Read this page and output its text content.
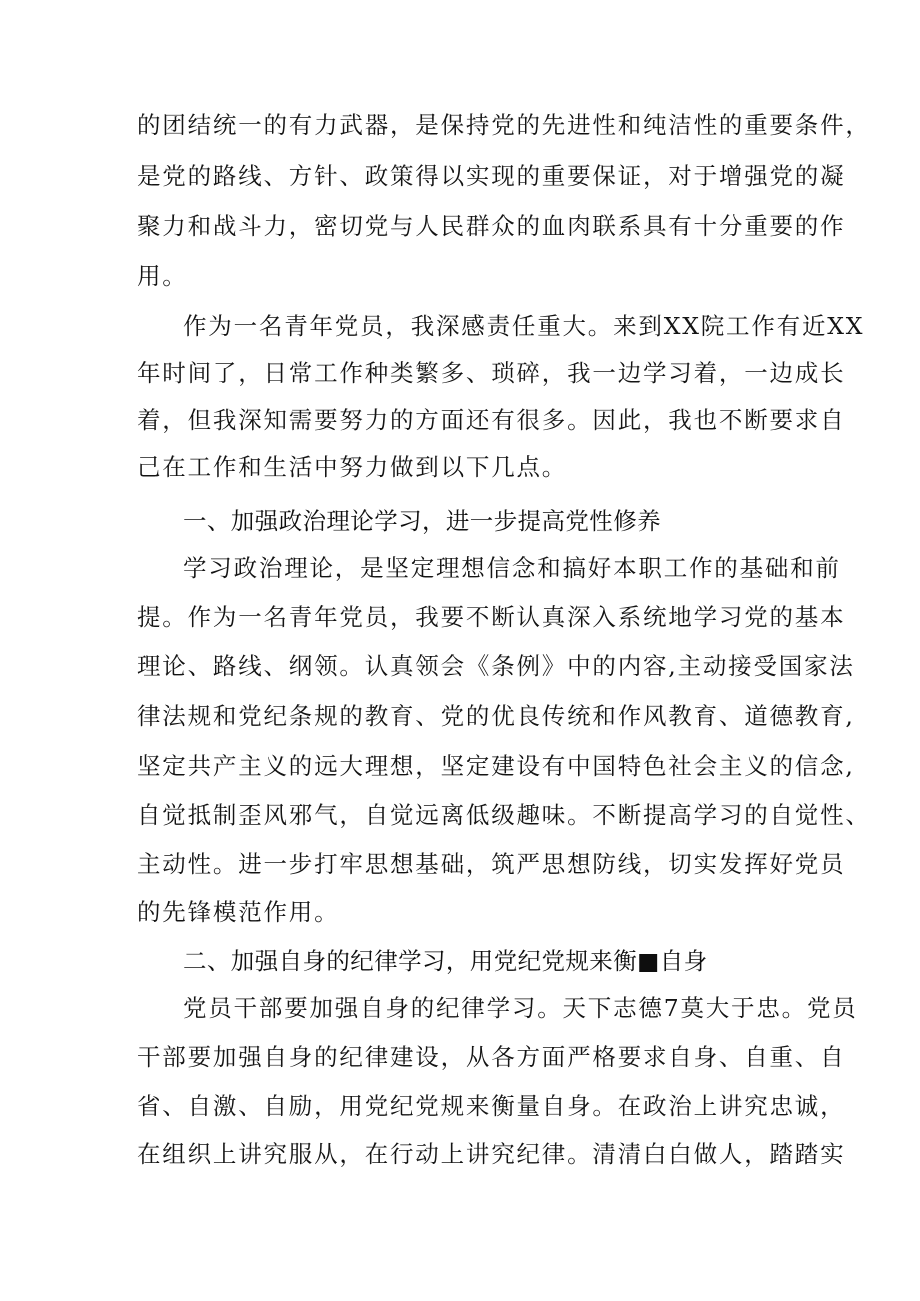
的团结统一的有力武器，是保持党的先进性和纯洁性的重要条件，
是党的路线、方针、政策得以实现的重要保证，对于增强党的凝
聚力和战斗力，密切党与人民群众的血肉联系具有十分重要的作
用。
作为一名青年党员，我深感责任重大。来到XX院工作有近XX
年时间了，日常工作种类繁多、琐碎，我一边学习着，一边成长
着，但我深知需要努力的方面还有很多。因此，我也不断要求自
己在工作和生活中努力做到以下几点。
一、加强政治理论学习，进一步提高党性修养
学习政治理论，是坚定理想信念和搞好本职工作的基础和前
提。作为一名青年党员，我要不断认真深入系统地学习党的基本
理论、路线、纲领。认真领会《条例》中的内容,主动接受国家法
律法规和党纪条规的教育、党的优良传统和作风教育、道德教育,
坚定共产主义的远大理想，坚定建设有中国特色社会主义的信念,
自觉抵制歪风邪气，自觉远离低级趣味。不断提高学习的自觉性、
主动性。进一步打牢思想基础，筑严思想防线，切实发挥好党员
的先锋模范作用。
二、加强自身的纪律学习，用党纪党规来衡■自身
党员干部要加强自身的纪律学习。天下志德7莫大于忠。党员
干部要加强自身的纪律建设，从各方面严格要求自身、自重、自
省、自激、自励，用党纪党规来衡量自身。在政治上讲究忠诚，
在组织上讲究服从，在行动上讲究纪律。清清白白做人，踏踏实
